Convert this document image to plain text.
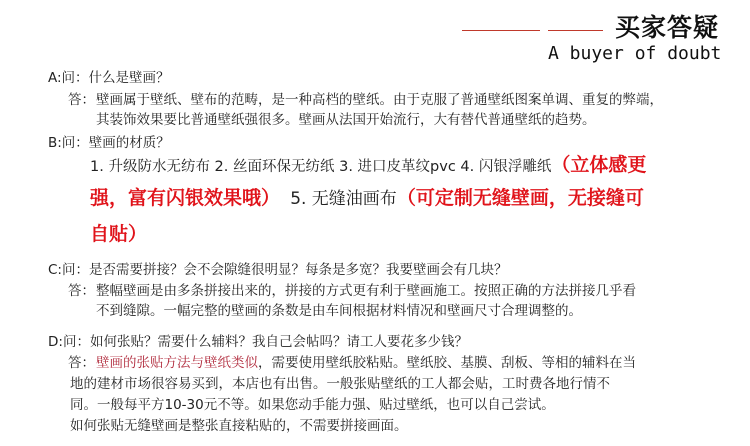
买家答疑
A buyer of doubt
A:问：什么是壁画？
答： 壁画属于壁纸、壁布的范畴，是一种高档的壁纸。由于克服了普通壁纸图案单调、重复的弊端，
其装饰效果要比普通壁纸强很多。壁画从法国开始流行，大有替代普通壁纸的趋势。
B:问：壁画的材质？
1. 升级防水无纺布 2. 丝面环保无纺纸 3. 进口皮革纹pvc 4. 闪银浮雕纸（立体感更
强，富有闪银效果哦） 5. 无缝油画布（可定制无缝壁画，无接缝可
自贴）
C:问：是否需要拼接？会不会隙缝很明显？每条是多宽？我要壁画会有几块？
答： 整幅壁画是由多条拼接出来的，拼接的方式更有利于壁画施工。按照正确的方法拼接几乎看
不到缝隙。一幅完整的壁画的条数是由车间根据材料情况和壁画尺寸合理调整的。
D:问：如何张贴？需要什么辅料？我自己会帖吗？请工人要花多少钱？
答： 壁画的张贴方法与壁纸类似，需要使用壁纸胶粘贴。壁纸胶、基膜、刮板、等相的辅料在当
地的建材市场很容易买到，本店也有出售。一般张贴壁纸的工人都会贴，工时费各地行情不
同。一般每平方10-30元不等。如果您动手能力强、贴过壁纸，也可以自己尝试。
如何张贴无缝壁画是整张直接粘贴的，不需要拼接画面。
